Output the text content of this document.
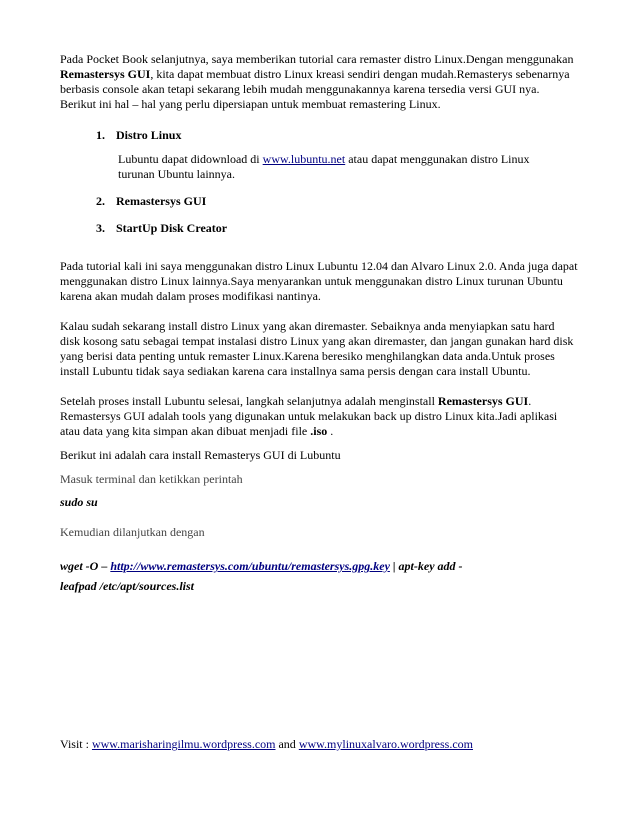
Pada Pocket Book selanjutnya, saya memberikan tutorial cara remaster distro Linux.Dengan menggunakan Remastersys GUI, kita dapat membuat distro Linux kreasi sendiri dengan mudah.Remasterys sebenarnya berbasis console akan tetapi sekarang lebih mudah menggunakannya karena tersedia versi GUI nya. Berikut ini hal – hal yang perlu dipersiapan untuk membuat remastering Linux.

1. Distro Linux

Lubuntu dapat didownload di www.lubuntu.net atau dapat menggunakan distro Linux turunan Ubuntu lainnya.

2. Remastersys GUI

3. StartUp Disk Creator

Pada tutorial kali ini saya menggunakan distro Linux Lubuntu 12.04 dan Alvaro Linux 2.0. Anda juga dapat menggunakan distro Linux lainnya.Saya menyarankan untuk menggunakan distro Linux turunan Ubuntu karena akan mudah dalam proses modifikasi nantinya.

Kalau sudah sekarang install distro Linux yang akan diremaster. Sebaiknya anda menyiapkan satu hard disk kosong satu sebagai tempat instalasi distro Linux yang akan diremaster, dan jangan gunakan hard disk yang berisi data penting untuk remaster Linux.Karena beresiko menghilangkan data anda.Untuk proses install Lubuntu tidak saya sediakan karena cara installnya sama persis dengan cara install Ubuntu.

Setelah proses install Lubuntu selesai, langkah selanjutnya adalah menginstall Remastersys GUI. Remastersys GUI adalah tools yang digunakan untuk melakukan back up distro Linux kita.Jadi aplikasi atau data yang kita simpan akan dibuat menjadi file .iso .

Berikut ini adalah cara install Remasterys GUI di Lubuntu

Masuk terminal dan ketikkan perintah

sudo su

Kemudian dilanjutkan dengan

wget -O – http://www.remastersys.com/ubuntu/remastersys.gpg.key | apt-key add -

leafpad /etc/apt/sources.list

Visit : www.marisharingilmu.wordpress.com and www.mylinuxalvaro.wordpress.com
